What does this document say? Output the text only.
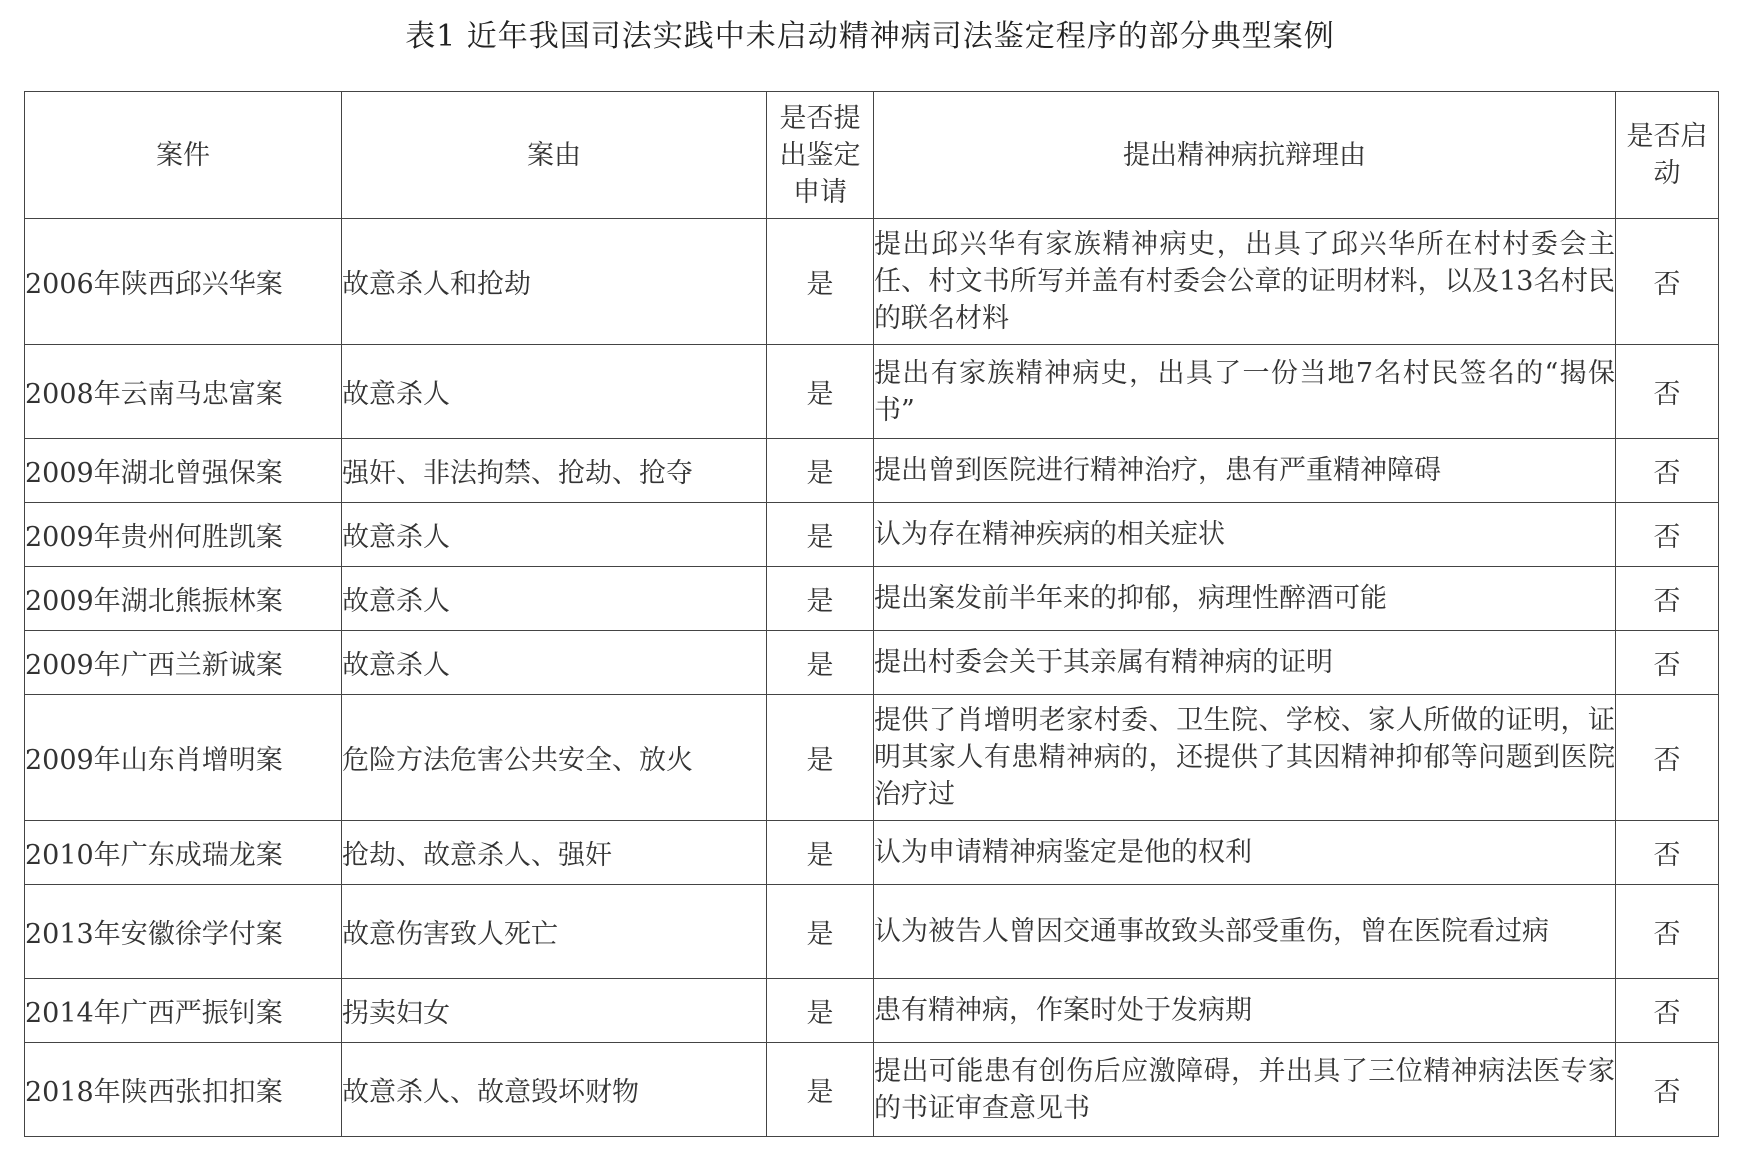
表1 近年我国司法实践中未启动精神病司法鉴定程序的部分典型案例
案件	案由	是否提出鉴定申请	提出精神病抗辩理由	是否启动
2006年陕西邱兴华案	故意杀人和抢劫	是	提出邱兴华有家族精神病史，出具了邱兴华所在村村委会主任、村文书所写并盖有村委会公章的证明材料，以及13名村民的联名材料	否
2008年云南马忠富案	故意杀人	是	提出有家族精神病史，出具了一份当地7名村民签名的“揭保书”	否
2009年湖北曾强保案	强奸、非法拘禁、抢劫、抢夺	是	提出曾到医院进行精神治疗，患有严重精神障碍	否
2009年贵州何胜凯案	故意杀人	是	认为存在精神疾病的相关症状	否
2009年湖北熊振林案	故意杀人	是	提出案发前半年来的抑郁，病理性醉酒可能	否
2009年广西兰新诚案	故意杀人	是	提出村委会关于其亲属有精神病的证明	否
2009年山东肖增明案	危险方法危害公共安全、放火	是	提供了肖增明老家村委、卫生院、学校、家人所做的证明，证明其家人有患精神病的，还提供了其因精神抑郁等问题到医院治疗过	否
2010年广东成瑞龙案	抢劫、故意杀人、强奸	是	认为申请精神病鉴定是他的权利	否
2013年安徽徐学付案	故意伤害致人死亡	是	认为被告人曾因交通事故致头部受重伤，曾在医院看过病	否
2014年广西严振钊案	拐卖妇女	是	患有精神病，作案时处于发病期	否
2018年陕西张扣扣案	故意杀人、故意毁坏财物	是	提出可能患有创伤后应激障碍，并出具了三位精神病法医专家的书证审查意见书	否
